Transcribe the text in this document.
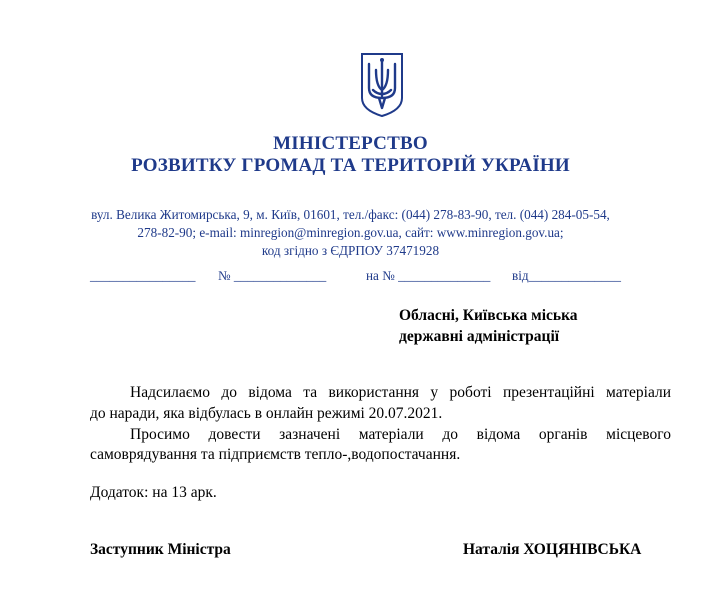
МІНІСТЕРСТВО
РОЗВИТКУ ГРОМАД ТА ТЕРИТОРІЙ УКРАЇНИ
вул. Велика Житомирська, 9, м. Київ, 01601, тел./факс: (044) 278-83-90, тел. (044) 284-05-54,
278-82-90; e-mail: minregion@minregion.gov.ua, сайт: www.minregion.gov.ua;
код згідно з ЄДРПОУ 37471928
________________ № ______________	на № ______________ від______________
Обласні, Київська міська
державні адміністрації
Надсилаємо до відома та використання у роботі презентаційні матеріали
до наради, яка відбулась в онлайн режимі 20.07.2021.
Просимо довести зазначені матеріали до відома органів місцевого
самоврядування та підприємств тепло-,водопостачання.
Додаток: на 13 арк.
Заступник Міністра	Наталія ХОЦЯНІВСЬКА
